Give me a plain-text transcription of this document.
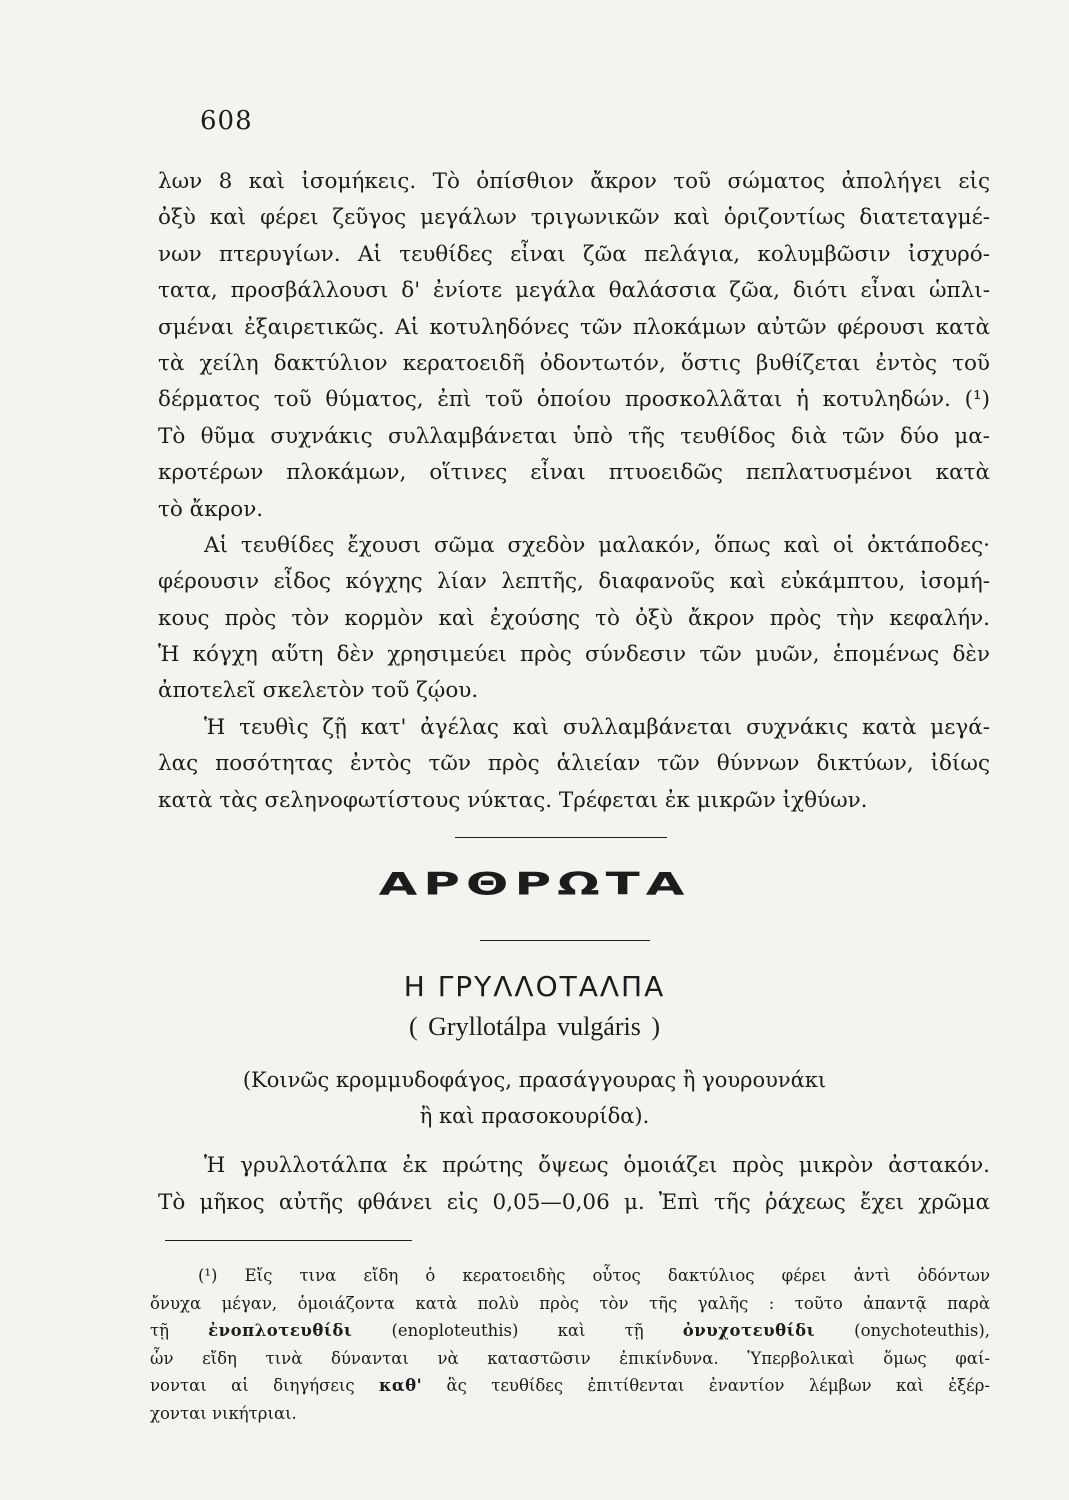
608
λων 8 καὶ ἰσομήκεις. Τὸ ὀπίσθιον ἄκρον τοῦ σώματος ἀπολήγει εἰς
ὀξὺ καὶ φέρει ζεῦγος μεγάλων τριγωνικῶν καὶ ὁριζοντίως διατεταγμέ-
νων πτερυγίων. Αἱ τευθίδες εἶναι ζῶα πελάγια, κολυμβῶσιν ἰσχυρό-
τατα, προσβάλλουσι δ' ἐνίοτε μεγάλα θαλάσσια ζῶα, διότι εἶναι ὡπλι-
σμέναι ἐξαιρετικῶς. Αἱ κοτυληδόνες τῶν πλοκάμων αὐτῶν φέρουσι κατὰ
τὰ χείλη δακτύλιον κερατοειδῆ ὀδοντωτόν, ὅστις βυθίζεται ἐντὸς τοῦ
δέρματος τοῦ θύματος, ἐπὶ τοῦ ὁποίου προσκολλᾶται ἡ κοτυληδών. (¹)
Τὸ θῦμα συχνάκις συλλαμβάνεται ὑπὸ τῆς τευθίδος διὰ τῶν δύο μα-
κροτέρων πλοκάμων, οἵτινες εἶναι πτυοειδῶς πεπλατυσμένοι κατὰ
τὸ ἄκρον.
Αἱ τευθίδες ἔχουσι σῶμα σχεδὸν μαλακόν, ὅπως καὶ οἱ ὀκτάποδες·
φέρουσιν εἶδος κόγχης λίαν λεπτῆς, διαφανοῦς καὶ εὐκάμπτου, ἰσομή-
κους πρὸς τὸν κορμὸν καὶ ἐχούσης τὸ ὀξὺ ἄκρον πρὸς τὴν κεφαλήν.
Ἡ κόγχη αὕτη δὲν χρησιμεύει πρὸς σύνδεσιν τῶν μυῶν, ἑπομένως δὲν
ἀποτελεῖ σκελετὸν τοῦ ζῴου.
Ἡ τευθὶς ζῇ κατ' ἀγέλας καὶ συλλαμβάνεται συχνάκις κατὰ μεγά-
λας ποσότητας ἐντὸς τῶν πρὸς ἁλιείαν τῶν θύννων δικτύων, ἰδίως
κατὰ τὰς σεληνοφωτίστους νύκτας. Τρέφεται ἐκ μικρῶν ἰχθύων.
ΑΡΘΡΩΤΑ
Η ΓΡΥΛΛΟΤΑΛΠΑ
( Gryllotálpa vulgáris )
(Κοινῶς κρομμυδοφάγος, πρασάγγουρας ἢ γουρουνάκι
ἢ καὶ πρασοκουρίδα).
Ἡ γρυλλοτάλπα ἐκ πρώτης ὄψεως ὁμοιάζει πρὸς μικρὸν ἀστακόν.
Τὸ μῆκος αὐτῆς φθάνει εἰς 0,05—0,06 μ. Ἐπὶ τῆς ῥάχεως ἔχει χρῶμα
(¹) Εἴς τινα εἴδη ὁ κερατοειδὴς οὗτος δακτύλιος φέρει ἀντὶ ὀδόντων
ὄνυχα μέγαν, ὁμοιάζοντα κατὰ πολὺ πρὸς τὸν τῆς γαλῆς : τοῦτο ἀπαντᾷ παρὰ
τῇ ἐνοπλοτευθίδι (enoploteuthis) καὶ τῇ ὀνυχοτευθίδι (onychoteuthis),
ὧν εἴδη τινὰ δύνανται νὰ καταστῶσιν ἐπικίνδυνα. Ὑπερβολικαὶ ὅμως φαί-
νονται αἱ διηγήσεις καθ' ἃς τευθίδες ἐπιτίθενται ἐναντίον λέμβων καὶ ἐξέρ-
χονται νικήτριαι.
